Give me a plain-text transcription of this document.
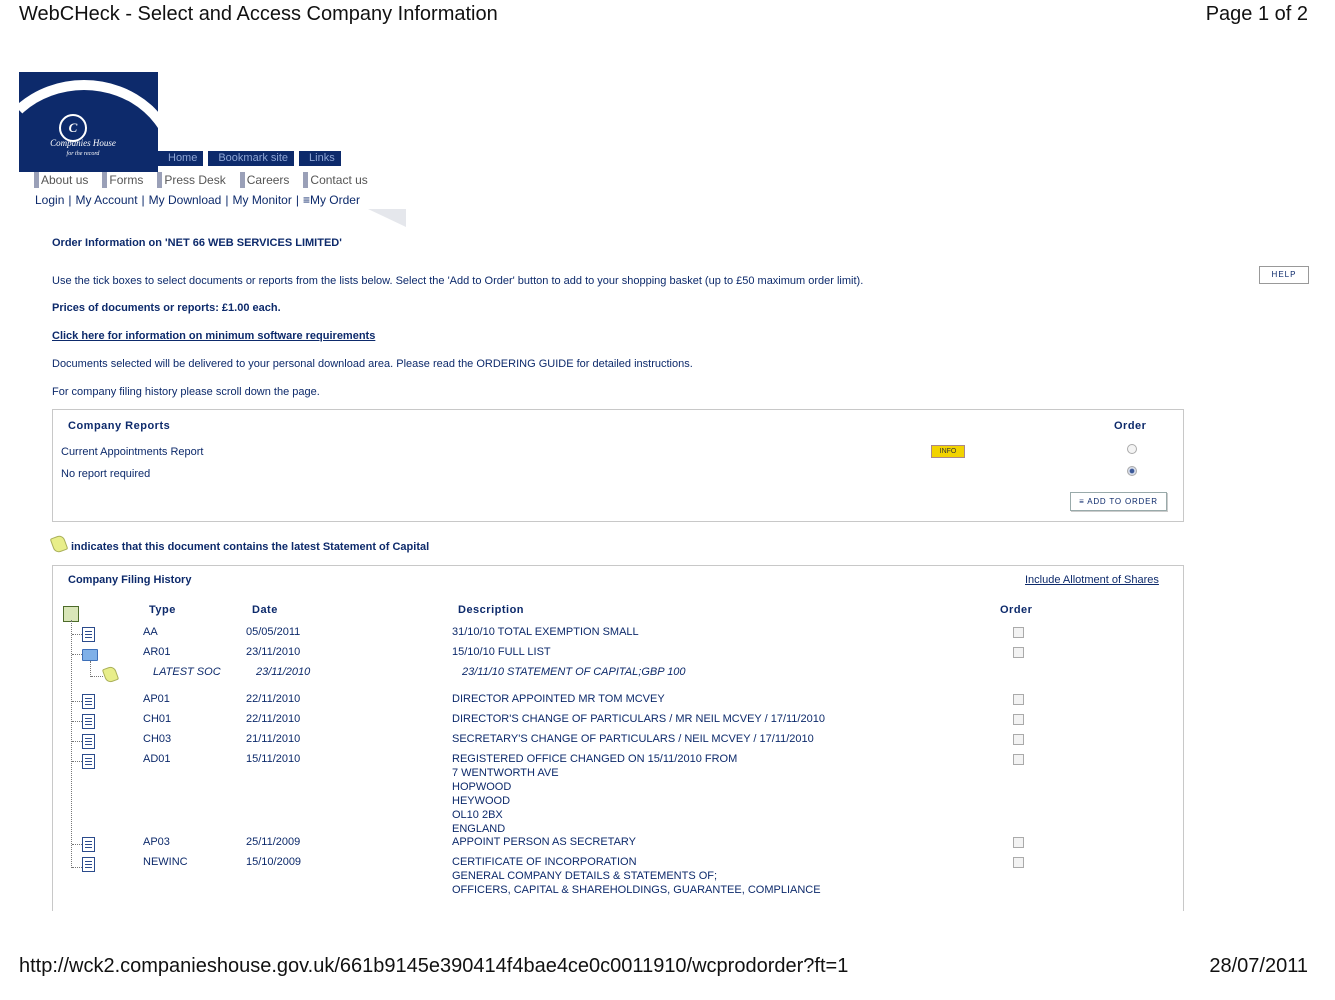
WebCHeck - Select and Access Company Information	Page 1 of 2
http://wck2.companieshouse.gov.uk/661b9145e390414f4bae4ce0c0011910/wcprodorder?ft=1	28/07/2011
C
Companies House
for the record	Home	Bookmark site	Links
About us	Forms	Press Desk	Careers	Contact us
Login | My Account | My Download | My Monitor | ≡My Order
Order Information on 'NET 66 WEB SERVICES LIMITED'
Use the tick boxes to select documents or reports from the lists below. Select the 'Add to Order' button to add to your shopping basket (up to £50 maximum order limit).
HELP
Prices of documents or reports: £1.00 each.
Click here for information on minimum software requirements
Documents selected will be delivered to your personal download area. Please read the ORDERING GUIDE for detailed instructions.
For company filing history please scroll down the page.
Company Reports	Order
Current Appointments Report	INFO
No report required
≡ ADD TO ORDER
indicates that this document contains the latest Statement of Capital
Company Filing History	Include Allotment of Shares
Type	Date	Description	Order
AA	05/05/2011	31/10/10 TOTAL EXEMPTION SMALL
AR01	23/11/2010	15/10/10 FULL LIST
LATEST SOC	23/11/2010	23/11/10 STATEMENT OF CAPITAL;GBP 100
AP01	22/11/2010	DIRECTOR APPOINTED MR TOM MCVEY
CH01	22/11/2010	DIRECTOR'S CHANGE OF PARTICULARS / MR NEIL MCVEY / 17/11/2010
CH03	21/11/2010	SECRETARY'S CHANGE OF PARTICULARS / NEIL MCVEY / 17/11/2010
AD01	15/11/2010	REGISTERED OFFICE CHANGED ON 15/11/2010 FROM
7 WENTWORTH AVE
HOPWOOD
HEYWOOD
OL10 2BX
ENGLAND
AP03	25/11/2009	APPOINT PERSON AS SECRETARY
NEWINC	15/10/2009	CERTIFICATE OF INCORPORATION
GENERAL COMPANY DETAILS & STATEMENTS OF;
OFFICERS, CAPITAL & SHAREHOLDINGS, GUARANTEE, COMPLIANCE
